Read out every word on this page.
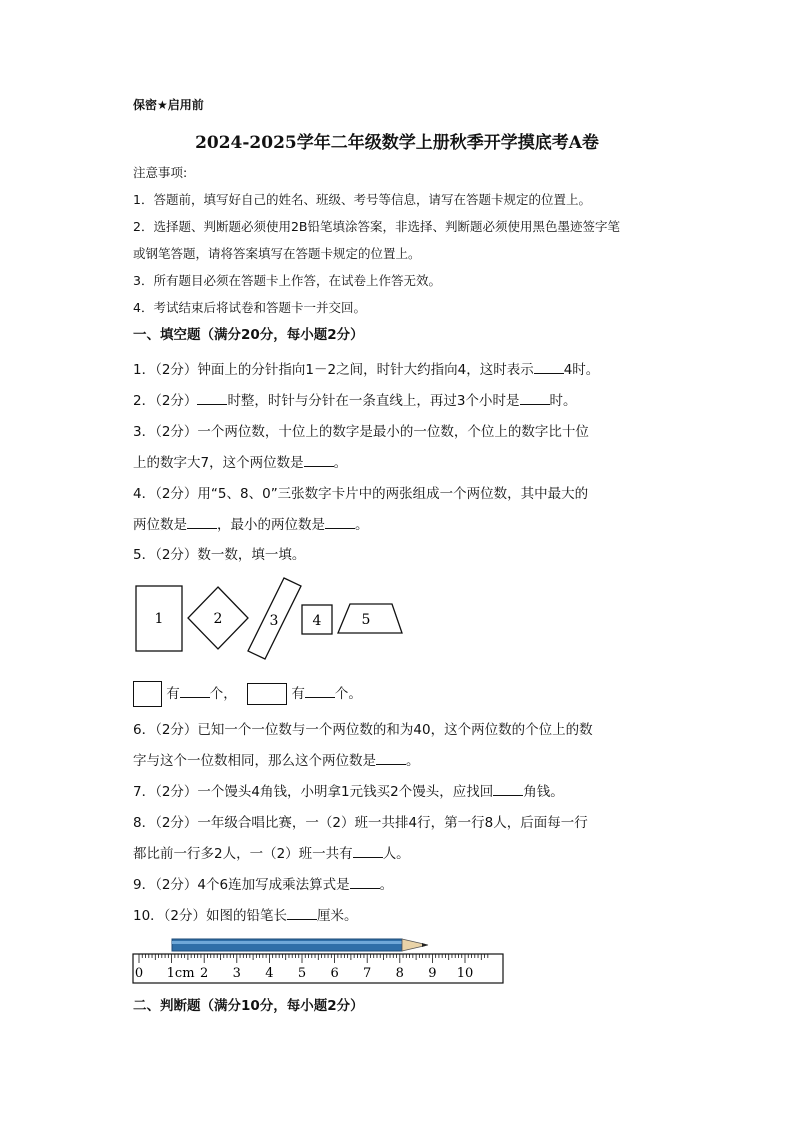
保密★启用前
2024-2025学年二年级数学上册秋季开学摸底考A卷
注意事项:
1．答题前，填写好自己的姓名、班级、考号等信息，请写在答题卡规定的位置上。
2．选择题、判断题必须使用2B铅笔填涂答案，非选择、判断题必须使用黑色墨迹签字笔
或钢笔答题，请将答案填写在答题卡规定的位置上。
3．所有题目必须在答题卡上作答，在试卷上作答无效。
4．考试结束后将试卷和答题卡一并交回。
一、填空题（满分20分，每小题2分）
1．（2分）钟面上的分针指向1－2之间，时针大约指向4，这时表示 4时。
2．（2分） 时整，时针与分针在一条直线上，再过3个小时是 时。
3．（2分）一个两位数，十位上的数字是最小的一位数，个位上的数字比十位
上的数字大7，这个两位数是 。
4．（2分）用“5、8、0”三张数字卡片中的两张组成一个两位数，其中最大的
两位数是 ，最小的两位数是 。
5．（2分）数一数，填一填。
1	2	3 4	5
有 个，	有 个。
6．（2分）已知一个一位数与一个两位数的和为40，这个两位数的个位上的数
字与这个一位数相同，那么这个两位数是 。
7．（2分）一个馒头4角钱，小明拿1元钱买2个馒头，应找回 角钱。
8．（2分）一年级合唱比赛，一（2）班一共排4行，第一行8人，后面每一行
都比前一行多2人，一（2）班一共有 人。
9．（2分）4个6连加写成乘法算式是 。
10．（2分）如图的铅笔长 厘米。
0 1cm 2 3 4 5 6 7 8 9 10
二、判断题（满分10分，每小题2分）
